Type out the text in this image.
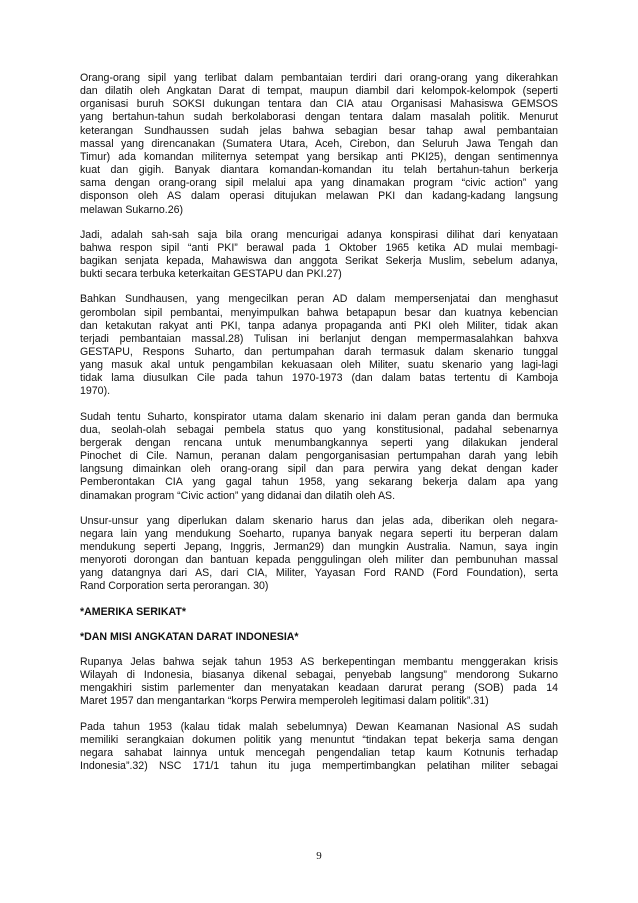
Orang-orang sipil yang terlibat dalam pembantaian terdiri dari orang-orang yang dikerahkan
dan dilatih oleh Angkatan Darat di tempat, maupun diambil dari kelompok-kelompok (seperti
organisasi buruh SOKSI dukungan tentara dan CIA atau Organisasi Mahasiswa GEMSOS
yang bertahun-tahun sudah berkolaborasi dengan tentara dalam masalah politik. Menurut
keterangan Sundhaussen sudah jelas bahwa sebagian besar tahap awal pembantaian
massal yang direncanakan (Sumatera Utara, Aceh, Cirebon, dan Seluruh Jawa Tengah dan
Timur) ada komandan militernya setempat yang bersikap anti PKI25), dengan sentimennya
kuat dan gigih. Banyak diantara komandan-komandan itu telah bertahun-tahun berkerja
sama dengan orang-orang sipil melalui apa yang dinamakan program “civic action” yang
disponson oleh AS dalam operasi ditujukan melawan PKI dan kadang-kadang langsung
melawan Sukarno.26)
Jadi, adalah sah-sah saja bila orang mencurigai adanya konspirasi dilihat dari kenyataan
bahwa respon sipil “anti PKI” berawal pada 1 Oktober 1965 ketika AD mulai membagi-
bagikan senjata kepada, Mahawiswa dan anggota Serikat Sekerja Muslim, sebelum adanya,
bukti secara terbuka keterkaitan GESTAPU dan PKI.27)
Bahkan Sundhausen, yang mengecilkan peran AD dalam mempersenjatai dan menghasut
gerombolan sipil pembantai, menyimpulkan bahwa betapapun besar dan kuatnya kebencian
dan ketakutan rakyat anti PKI, tanpa adanya propaganda anti PKI oleh Militer, tidak akan
terjadi pembantaian massal.28) Tulisan ini berlanjut dengan mempermasalahkan bahxva
GESTAPU, Respons Suharto, dan pertumpahan darah termasuk dalam skenario tunggal
yang masuk akal untuk pengambilan kekuasaan oleh Militer, suatu skenario yang lagi-lagi
tidak lama diusulkan Cile pada tahun 1970-1973 (dan dalam batas tertentu di Kamboja
1970).
Sudah tentu Suharto, konspirator utama dalam skenario ini dalam peran ganda dan bermuka
dua, seolah-olah sebagai pembela status quo yang konstitusional, padahal sebenarnya
bergerak dengan rencana untuk menumbangkannya seperti yang dilakukan jenderal
Pinochet di Cile. Namun, peranan dalam pengorganisasian pertumpahan darah yang lebih
langsung dimainkan oleh orang-orang sipil dan para perwira yang dekat dengan kader
Pemberontakan CIA yang gagal tahun 1958, yang sekarang bekerja dalam apa yang
dinamakan program “Civic action” yang didanai dan dilatih oleh AS.
Unsur-unsur yang diperlukan dalam skenario harus dan jelas ada, diberikan oleh negara-
negara lain yang mendukung Soeharto, rupanya banyak negara seperti itu berperan dalam
mendukung seperti Jepang, Inggris, Jerman29) dan mungkin Australia. Namun, saya ingin
menyoroti dorongan dan bantuan kepada penggulingan oleh militer dan pembunuhan massal
yang datangnya dari AS, dari CIA, Militer, Yayasan Ford RAND (Ford Foundation), serta
Rand Corporation serta perorangan. 30)
*AMERIKA SERIKAT*
*DAN MISI ANGKATAN DARAT INDONESIA*
Rupanya Jelas bahwa sejak tahun 1953 AS berkepentingan membantu menggerakan krisis
Wilayah di Indonesia, biasanya dikenal sebagai, penyebab langsung” mendorong Sukarno
mengakhiri sistim parlementer dan menyatakan keadaan darurat perang (SOB) pada 14
Maret 1957 dan mengantarkan “korps Perwira memperoleh legitimasi dalam politik”.31)
Pada tahun 1953 (kalau tidak malah sebelumnya) Dewan Keamanan Nasional AS sudah
memiliki serangkaian dokumen politik yang menuntut “tindakan tepat bekerja sama dengan
negara sahabat lainnya untuk mencegah pengendalian tetap kaum Kotnunis terhadap
Indonesia”.32) NSC 171/1 tahun itu juga mempertimbangkan pelatihan militer sebagai
9
